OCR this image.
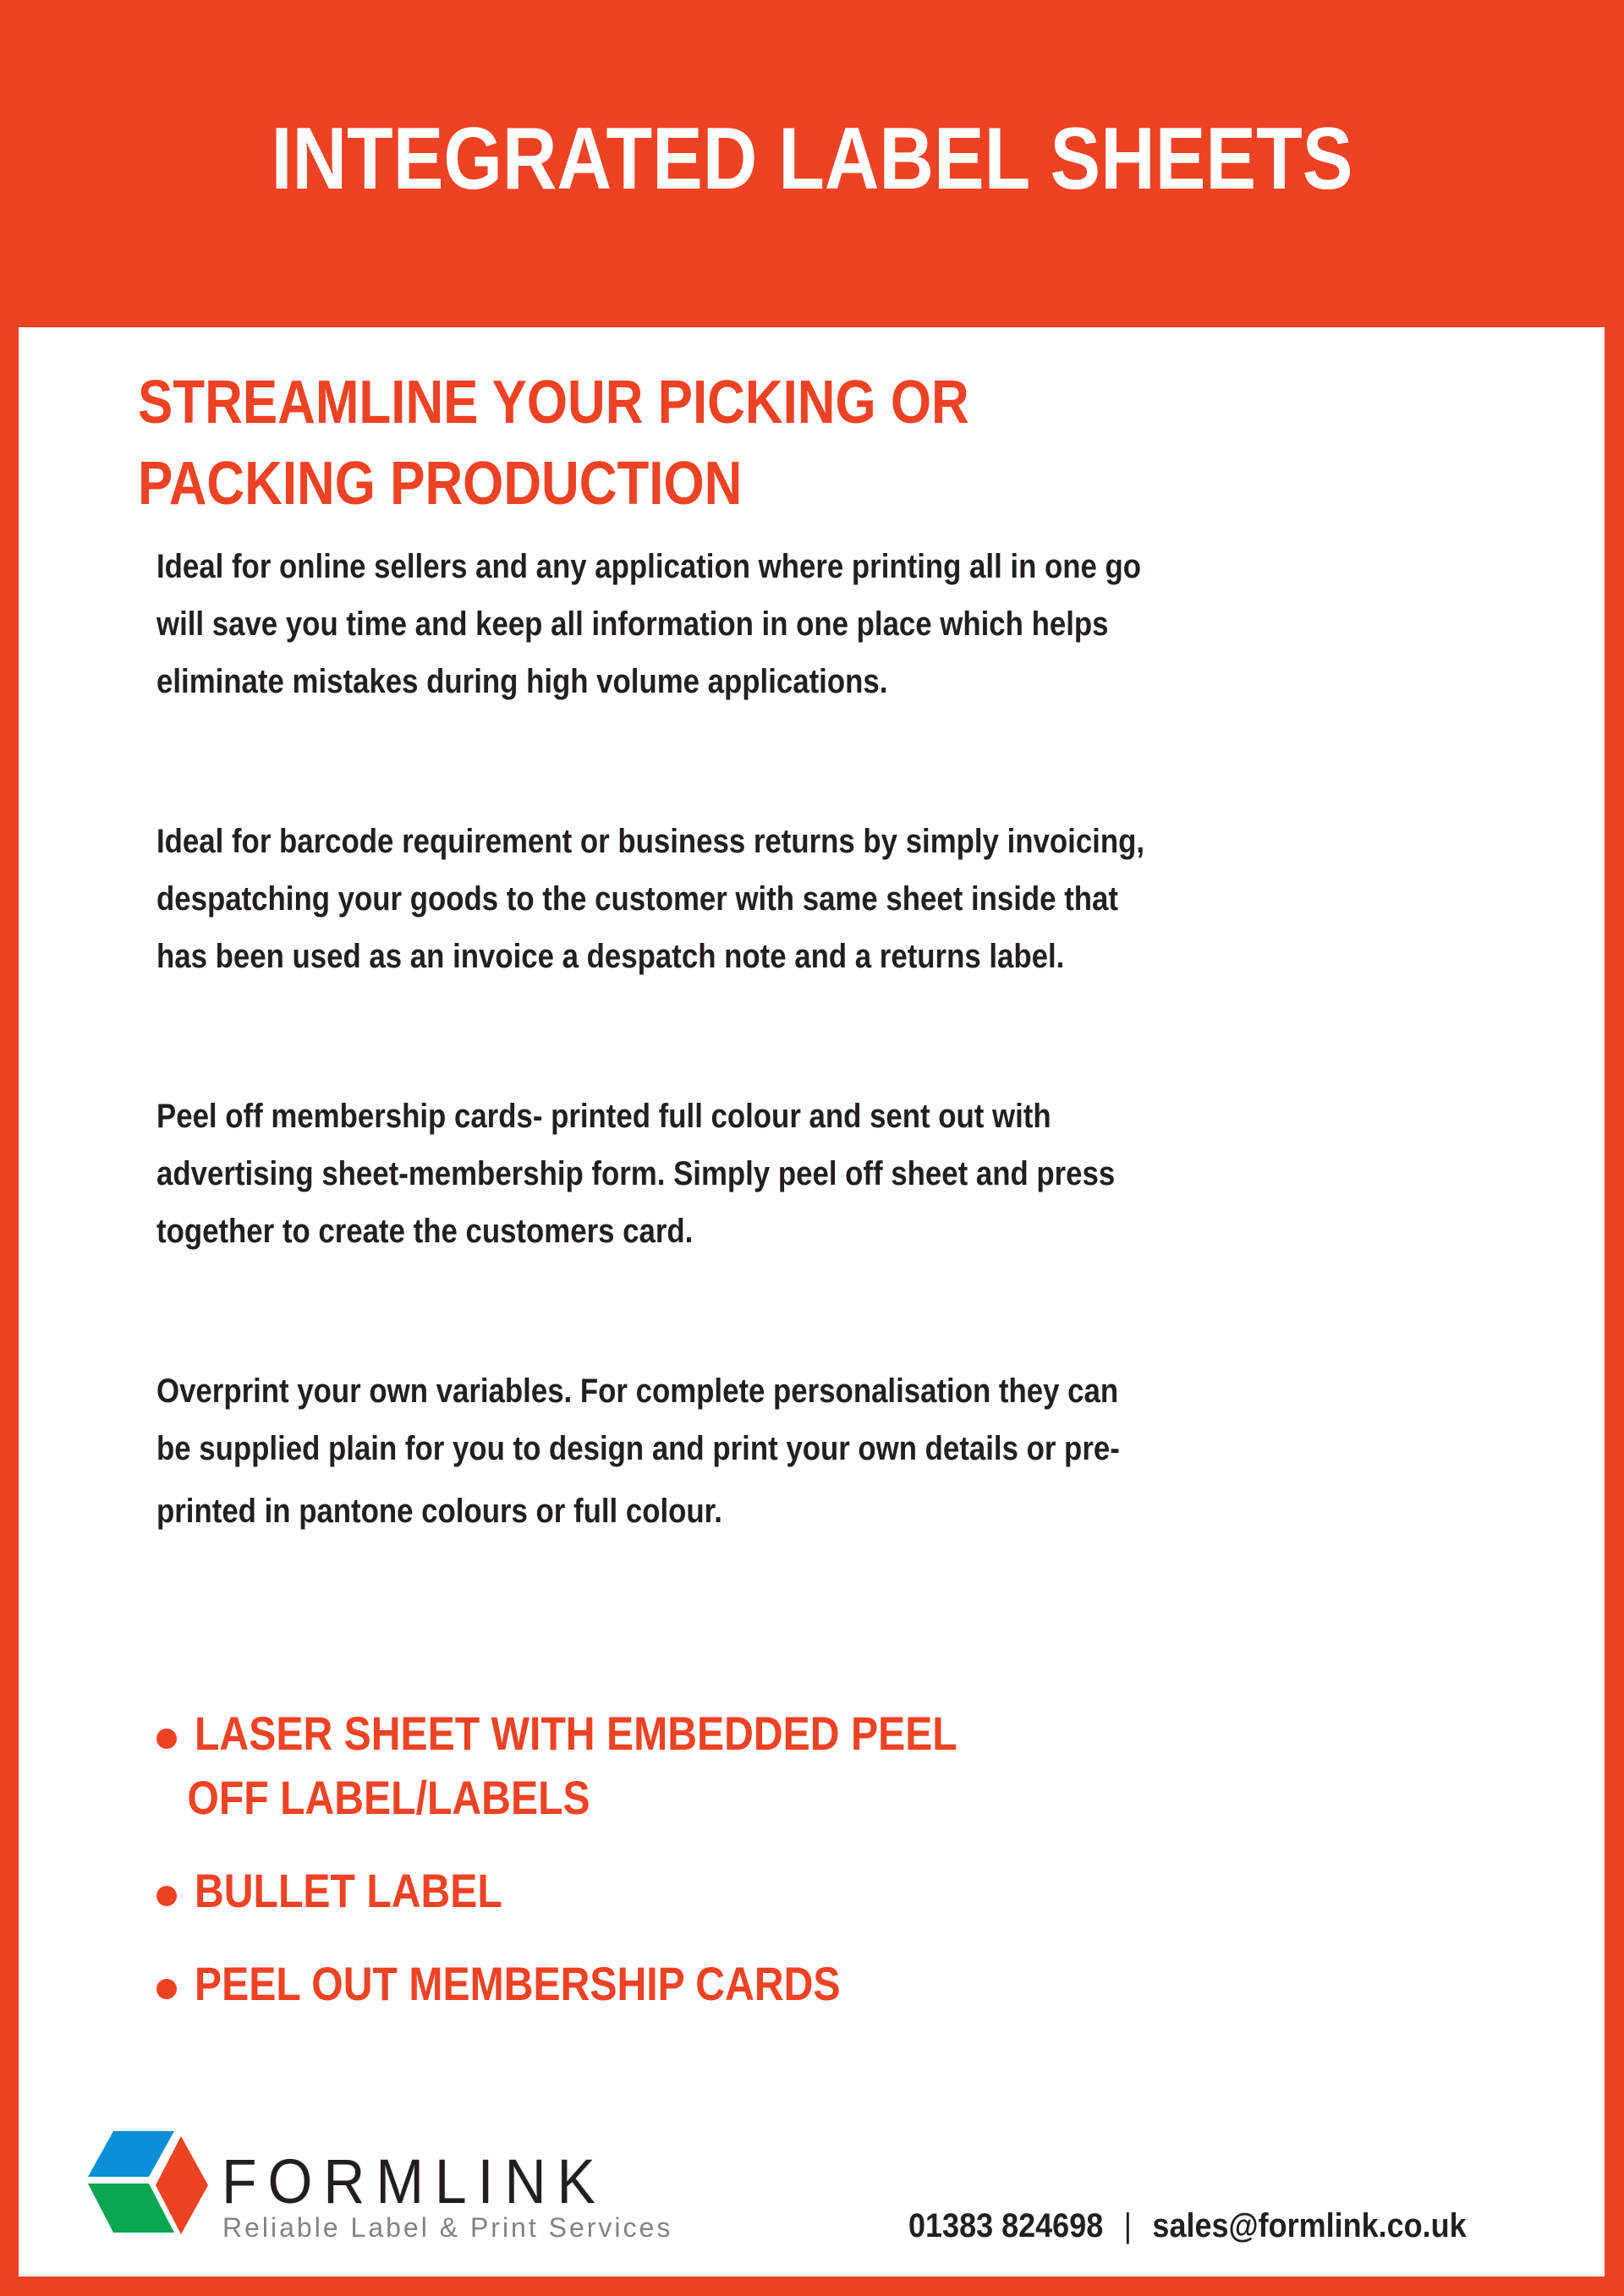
INTEGRATED LABEL SHEETS
STREAMLINE YOUR PICKING OR
PACKING PRODUCTION
Ideal for online sellers and any application where printing all in one go
will save you time and keep all information in one place which helps
eliminate mistakes during high volume applications.
Ideal for barcode requirement or business returns by simply invoicing,
despatching your goods to the customer with same sheet inside that
has been used as an invoice a despatch note and a returns label.
Peel off membership cards- printed full colour and sent out with
advertising sheet-membership form. Simply peel off sheet and press
together to create the customers card.
Overprint your own variables. For complete personalisation they can
be supplied plain for you to design and print your own details or pre-
printed in pantone colours or full colour.
LASER SHEET WITH EMBEDDED PEEL
OFF LABEL/LABELS
BULLET LABEL
PEEL OUT MEMBERSHIP CARDS
FORMLINK
Reliable Label & Print Services	01383 824698 | sales@formlink.co.uk
